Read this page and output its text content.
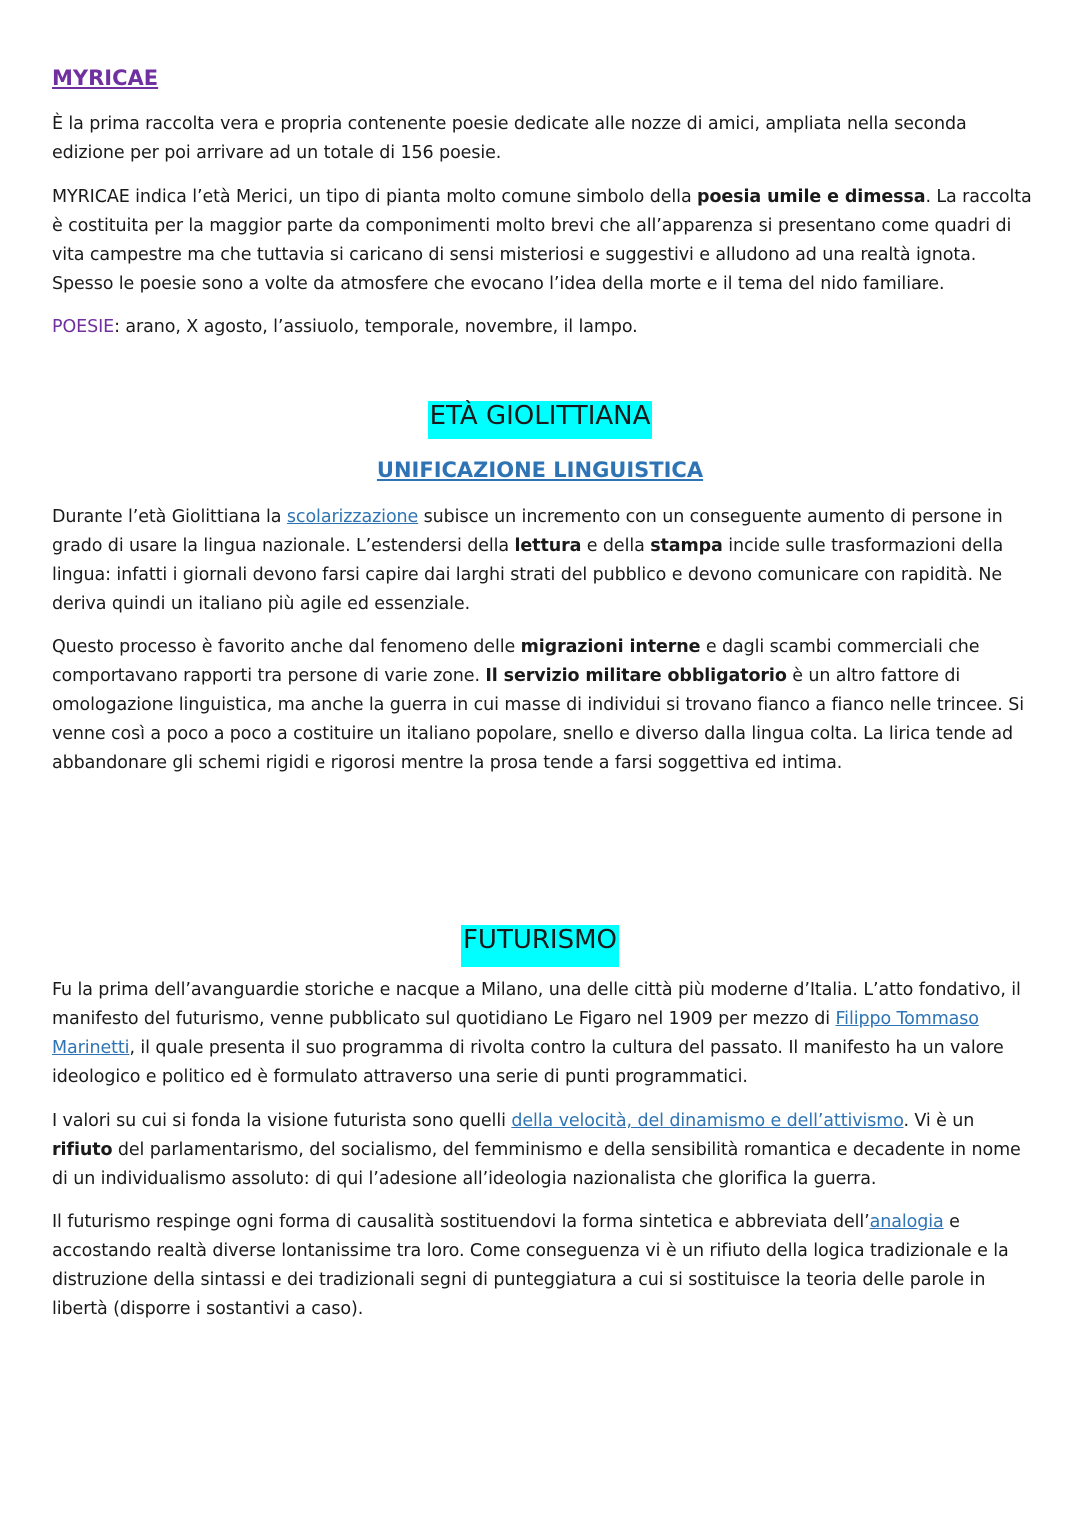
MYRICAE

È la prima raccolta vera e propria contenente poesie dedicate alle nozze di amici, ampliata nella seconda edizione per poi arrivare ad un totale di 156 poesie.

MYRICAE indica l’età Merici, un tipo di pianta molto comune simbolo della poesia umile e dimessa. La raccolta è costituita per la maggior parte da componimenti molto brevi che all’apparenza si presentano come quadri di vita campestre ma che tuttavia si caricano di sensi misteriosi e suggestivi e alludono ad una realtà ignota. Spesso le poesie sono a volte da atmosfere che evocano l’idea della morte e il tema del nido familiare.

POESIE: arano, X agosto, l’assiuolo, temporale, novembre, il lampo.

ETÀ GIOLITTIANA
UNIFICAZIONE LINGUISTICA

Durante l’età Giolittiana la scolarizzazione subisce un incremento con un conseguente aumento di persone in grado di usare la lingua nazionale. L’estendersi della lettura e della stampa incide sulle trasformazioni della lingua: infatti i giornali devono farsi capire dai larghi strati del pubblico e devono comunicare con rapidità. Ne deriva quindi un italiano più agile ed essenziale.

Questo processo è favorito anche dal fenomeno delle migrazioni interne e dagli scambi commerciali che comportavano rapporti tra persone di varie zone. Il servizio militare obbligatorio è un altro fattore di omologazione linguistica, ma anche la guerra in cui masse di individui si trovano fianco a fianco nelle trincee. Si venne così a poco a poco a costituire un italiano popolare, snello e diverso dalla lingua colta. La lirica tende ad abbandonare gli schemi rigidi e rigorosi mentre la prosa tende a farsi soggettiva ed intima.

FUTURISMO

Fu la prima dell’avanguardie storiche e nacque a Milano, una delle città più moderne d’Italia. L’atto fondativo, il manifesto del futurismo, venne pubblicato sul quotidiano Le Figaro nel 1909 per mezzo di Filippo Tommaso Marinetti, il quale presenta il suo programma di rivolta contro la cultura del passato. Il manifesto ha un valore ideologico e politico ed è formulato attraverso una serie di punti programmatici.

I valori su cui si fonda la visione futurista sono quelli della velocità, del dinamismo e dell’attivismo. Vi è un rifiuto del parlamentarismo, del socialismo, del femminismo e della sensibilità romantica e decadente in nome di un individualismo assoluto: di qui l’adesione all’ideologia nazionalista che glorifica la guerra.

Il futurismo respinge ogni forma di causalità sostituendovi la forma sintetica e abbreviata dell’analogia e accostando realtà diverse lontanissime tra loro. Come conseguenza vi è un rifiuto della logica tradizionale e la distruzione della sintassi e dei tradizionali segni di punteggiatura a cui si sostituisce la teoria delle parole in libertà (disporre i sostantivi a caso).
